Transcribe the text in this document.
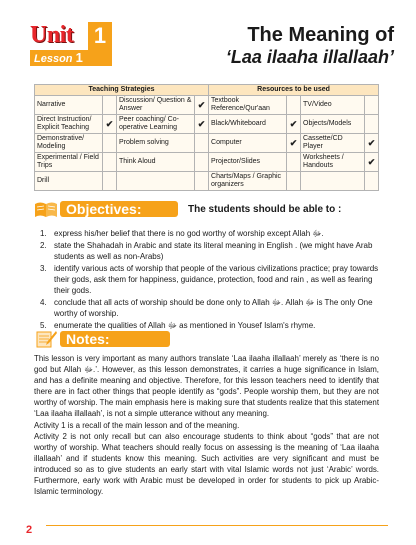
Unit 1
Lesson 1
The Meaning of
‘Laa ilaaha illallaah’
Teaching Strategies				Resources to be used			
Narrative		Discussion/ Question & Answer	✔	Textbook Reference/Qur'aan		TV/Video	
Direct Instruction/ Explicit Teaching	✔	Peer coaching/ Co-operative Learning	✔	Black/Whiteboard	✔	Objects/Models	
Demonstrative/ Modeling		Problem solving		Computer	✔	Cassette/CD Player	✔
Experimental / Field Trips		Think Aloud		Projector/Slides		Worksheets / Handouts	✔
Drill				Charts/Maps / Graphic organizers			
Objectives:	The students should be able to :
1. express his/her belief that there is no god worthy of worship except Allah ﷻ.
2. state the Shahadah in Arabic and state its literal meaning in English . (we might have Arab students as well as non-Arabs)
3. identify various acts of worship that people of the various civilizations practice; pray towards their gods, ask them for happiness, guidance, protection, food and rain , as well as fearing their gods.
4. conclude that all acts of worship should be done only to Allah ﷻ. Allah ﷻ is The only One worthy of worship.
5. enumerate the qualities of Allah ﷻ as mentioned in Yousef Islam's rhyme.
Notes:

This lesson is very important as many authors translate ‘Laa ilaaha illallaah’ merely as ‘there is no god but Allah ﷻ.’. However, as this lesson demonstrates, it carries a huge significance in Islam, and has a definite meaning and objective. Therefore, for this lesson teachers need to identify that there are in fact other things that people identify as “gods”. People worship them, but they are not worthy of worship. The main emphasis here is making sure that students realize that this statement ‘Laa ilaaha illallaah’, is not a simple utterance without any meaning.

Activity 1 is a recall of the main lesson and of the meaning.

Activity 2 is not only recall but can also encourage students to think about “gods” that are not worthy of worship. What teachers should really focus on assessing is the meaning of ‘Laa ilaaha illallaah’ and if students know this meaning. Such activities are very significant and must be introduced so as to give students an early start with vital Islamic words not just ‘Arabic’ words. Furthermore, early work with Arabic must be developed in order for students to pick up Arabic-Islamic terminology.

2
